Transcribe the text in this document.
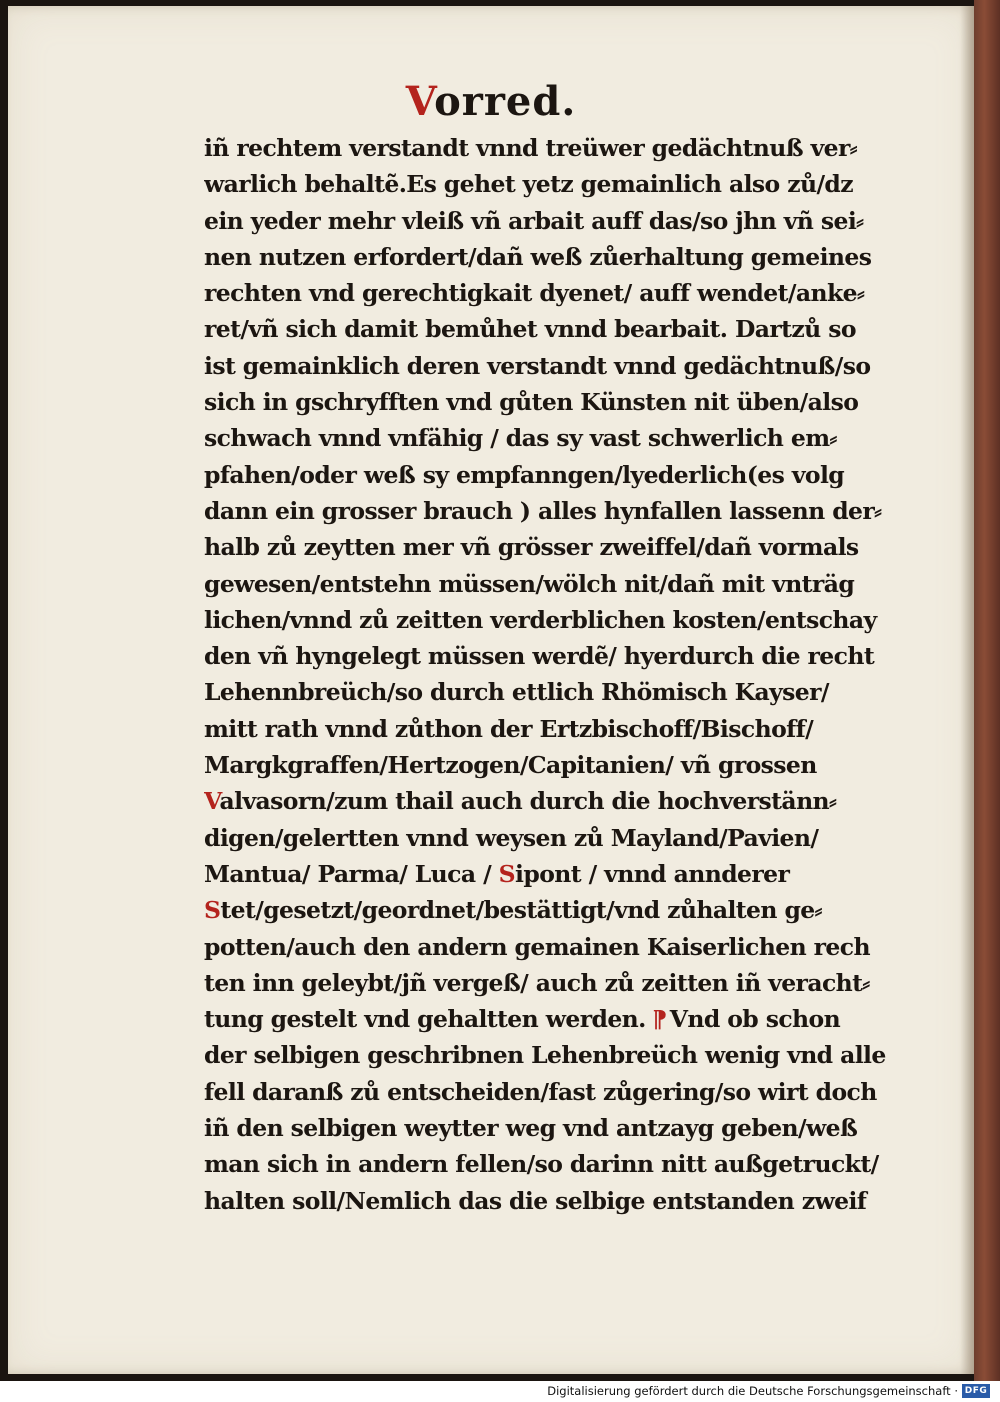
Vorred.
iñ rechtem verstandt vnnd treüwer gedächtnuß ver⸗
warlich behaltẽ.Es gehet yetz gemainlich also zů/dz
ein yeder mehr vleiß vñ arbait auff das/so jhn vñ sei⸗
nen nutzen erfordert/dañ weß zůerhaltung gemeines
rechten vnd gerechtigkait dyenet/ auff wendet/anke⸗
ret/vñ sich damit bemůhet vnnd bearbait. Dartzů so
ist gemainklich deren verstandt vnnd gedächtnuß/so
sich in gschryfften vnd gůten Künsten nit üben/also
schwach vnnd vnfähig / das sy vast schwerlich em⸗
pfahen/oder weß sy empfanngen/lyederlich(es volg
dann ein grosser brauch ) alles hynfallen lassenn der⸗
halb zů zeytten mer vñ grösser zweiffel/dañ vormals
gewesen/entstehn müssen/wölch nit/dañ mit vnträg
lichen/vnnd zů zeitten verderblichen kosten/entschay
den vñ hyngelegt müssen werdẽ/ hyerdurch die recht
Lehennbreüch/so durch ettlich Rhömisch Kayser/
mitt rath vnnd zůthon der Ertzbischoff/Bischoff/
Margkgraffen/Hertzogen/Capitanien/ vñ grossen
Valvasorn/zum thail auch durch die hochverstänn⸗
digen/gelertten vnnd weysen zů Mayland/Pavien/
Mantua/ Parma/ Luca / Sipont / vnnd annderer
Stet/gesetzt/geordnet/bestättigt/vnd zůhalten ge⸗
potten/auch den andern gemainen Kaiserlichen rech
ten inn geleybt/jñ vergeß/ auch zů zeitten iñ veracht⸗
tung gestelt vnd gehaltten werden. ¶Vnd ob schon
der selbigen geschribnen Lehenbreüch wenig vnd alle
fell daranß zů entscheiden/fast zůgering/so wirt doch
iñ den selbigen weytter weg vnd antzayg geben/weß
man sich in andern fellen/so darinn nitt außgetruckt/
halten soll/Nemlich das die selbige entstanden zweif
Digitalisierung gefördert durch die Deutsche Forschungsgemeinschaft · DFG
